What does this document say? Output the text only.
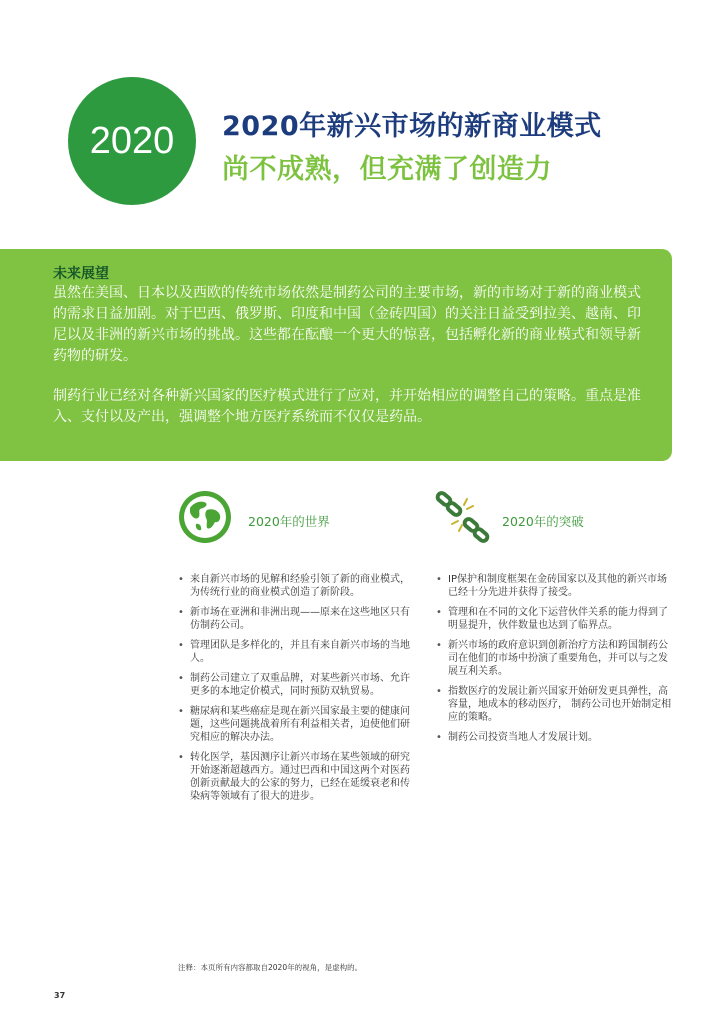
2020 2020年新兴市场的新商业模式
尚不成熟，但充满了创造力
未来展望

虽然在美国、日本以及西欧的传统市场依然是制药公司的主要市场，新的市场对于新的商业模式的需求日益加剧。对于巴西、俄罗斯、印度和中国（金砖四国）的关注日益受到拉美、越南、印尼以及非洲的新兴市场的挑战。这些都在酝酿一个更大的惊喜，包括孵化新的商业模式和领导新药物的研发。

制药行业已经对各种新兴国家的医疗模式进行了应对，并开始相应的调整自己的策略。重点是准入、支付以及产出，强调整个地方医疗系统而不仅仅是药品。

2020年的世界
• 来自新兴市场的见解和经验引领了新的商业模式，为传统行业的商业模式创造了新阶段。
• 新市场在亚洲和非洲出现——原来在这些地区只有仿制药公司。
• 管理团队是多样化的，并且有来自新兴市场的当地人。
• 制药公司建立了双重品牌，对某些新兴市场、允许更多的本地定价模式，同时预防双轨贸易。
• 糖尿病和某些癌症是现在新兴国家最主要的健康问题，这些问题挑战着所有利益相关者，迫使他们研究相应的解决办法。
• 转化医学，基因测序让新兴市场在某些领域的研究开始逐渐超越西方。通过巴西和中国这两个对医药创新贡献最大的公家的努力，已经在延缓衰老和传染病等领域有了很大的进步。
2020年的突破
• IP保护和制度框架在金砖国家以及其他的新兴市场已经十分先进并获得了接受。
• 管理和在不同的文化下运营伙伴关系的能力得到了明显提升，伙伴数量也达到了临界点。
• 新兴市场的政府意识到创新治疗方法和跨国制药公司在他们的市场中扮演了重要角色，并可以与之发展互利关系。
• 指数医疗的发展让新兴国家开始研发更具弹性，高容量，地成本的移动医疗， 制药公司也开始制定相应的策略。
• 制药公司投资当地人才发展计划。
注释：本页所有内容都取自2020年的视角，是虚构的。
37
